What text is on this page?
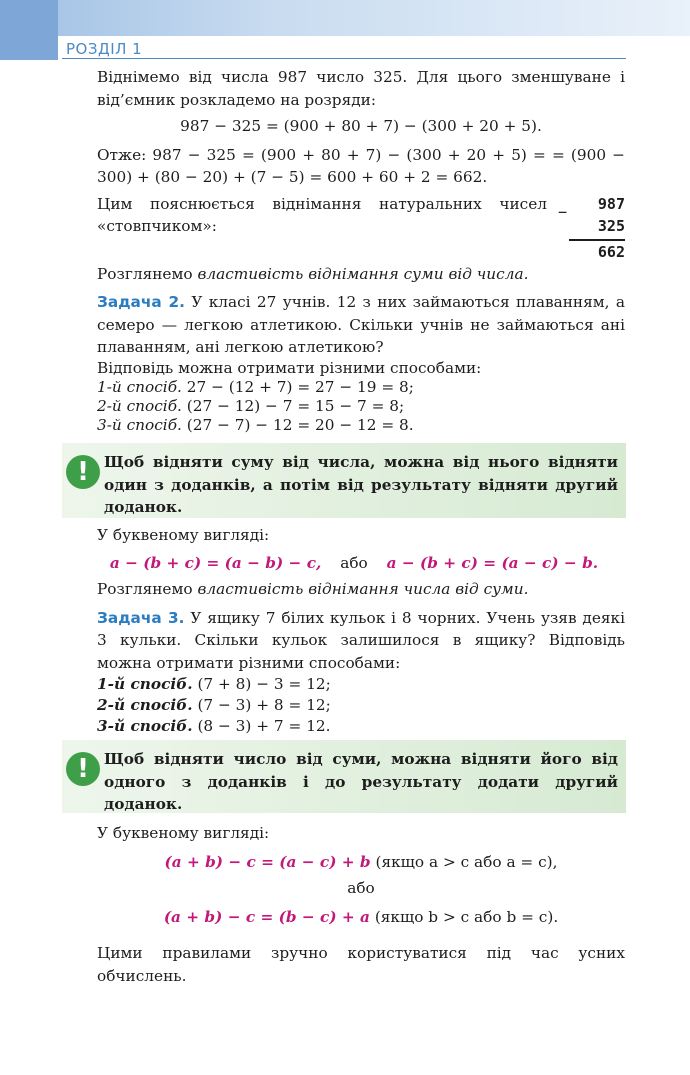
РОЗДІЛ 1

Віднімемо від числа 987 число 325. Для цього зменшуване і від’ємник розкладемо на розряди:

987 − 325 = (900 + 80 + 7) − (300 + 20 + 5).

Отже: 987 − 325 = (900 + 80 + 7) − (300 + 20 + 5) = = (900 − 300) + (80 − 20) + (7 − 5) = 600 + 60 + 2 = 662.

Цим пояснюється віднімання натуральних чисел «стовпчиком»:
−	987
325
662

Розглянемо властивість віднімання суми від числа.

Задача 2. У класі 27 учнів. 12 з них займаються плаванням, а семеро — легкою атлетикою. Скільки учнів не займаються ані плаванням, ані легкою атлетикою?

Відповідь можна отримати різними способами:

1-й спосіб. 27 − (12 + 7) = 27 − 19 = 8;

2-й спосіб. (27 − 12) − 7 = 15 − 7 = 8;

3-й спосіб. (27 − 7) − 12 = 20 − 12 = 8.

! Щоб відняти суму від числа, можна від нього відняти один з доданків, а потім від результату відняти другий доданок.

У буквеному вигляді:

a − (b + c) = (a − b) − c, або a − (b + c) = (a − c) − b.

Розглянемо властивість віднімання числа від суми.

Задача 3. У ящику 7 білих кульок і 8 чорних. Учень узяв деякі 3 кульки. Скільки кульок залишилося в ящику? Відповідь можна отримати різними способами:

1-й спосіб. (7 + 8) − 3 = 12;

2-й спосіб. (7 − 3) + 8 = 12;

3-й спосіб. (8 − 3) + 7 = 12.

! Щоб відняти число від суми, можна відняти його від одного з доданків і до результату додати другий доданок.

У буквеному вигляді:

(a + b) − c = (a − c) + b (якщо a > c або a = c),

або

(a + b) − c = (b − c) + a (якщо b > c або b = c).

Цими правилами зручно користуватися під час усних обчислень.
